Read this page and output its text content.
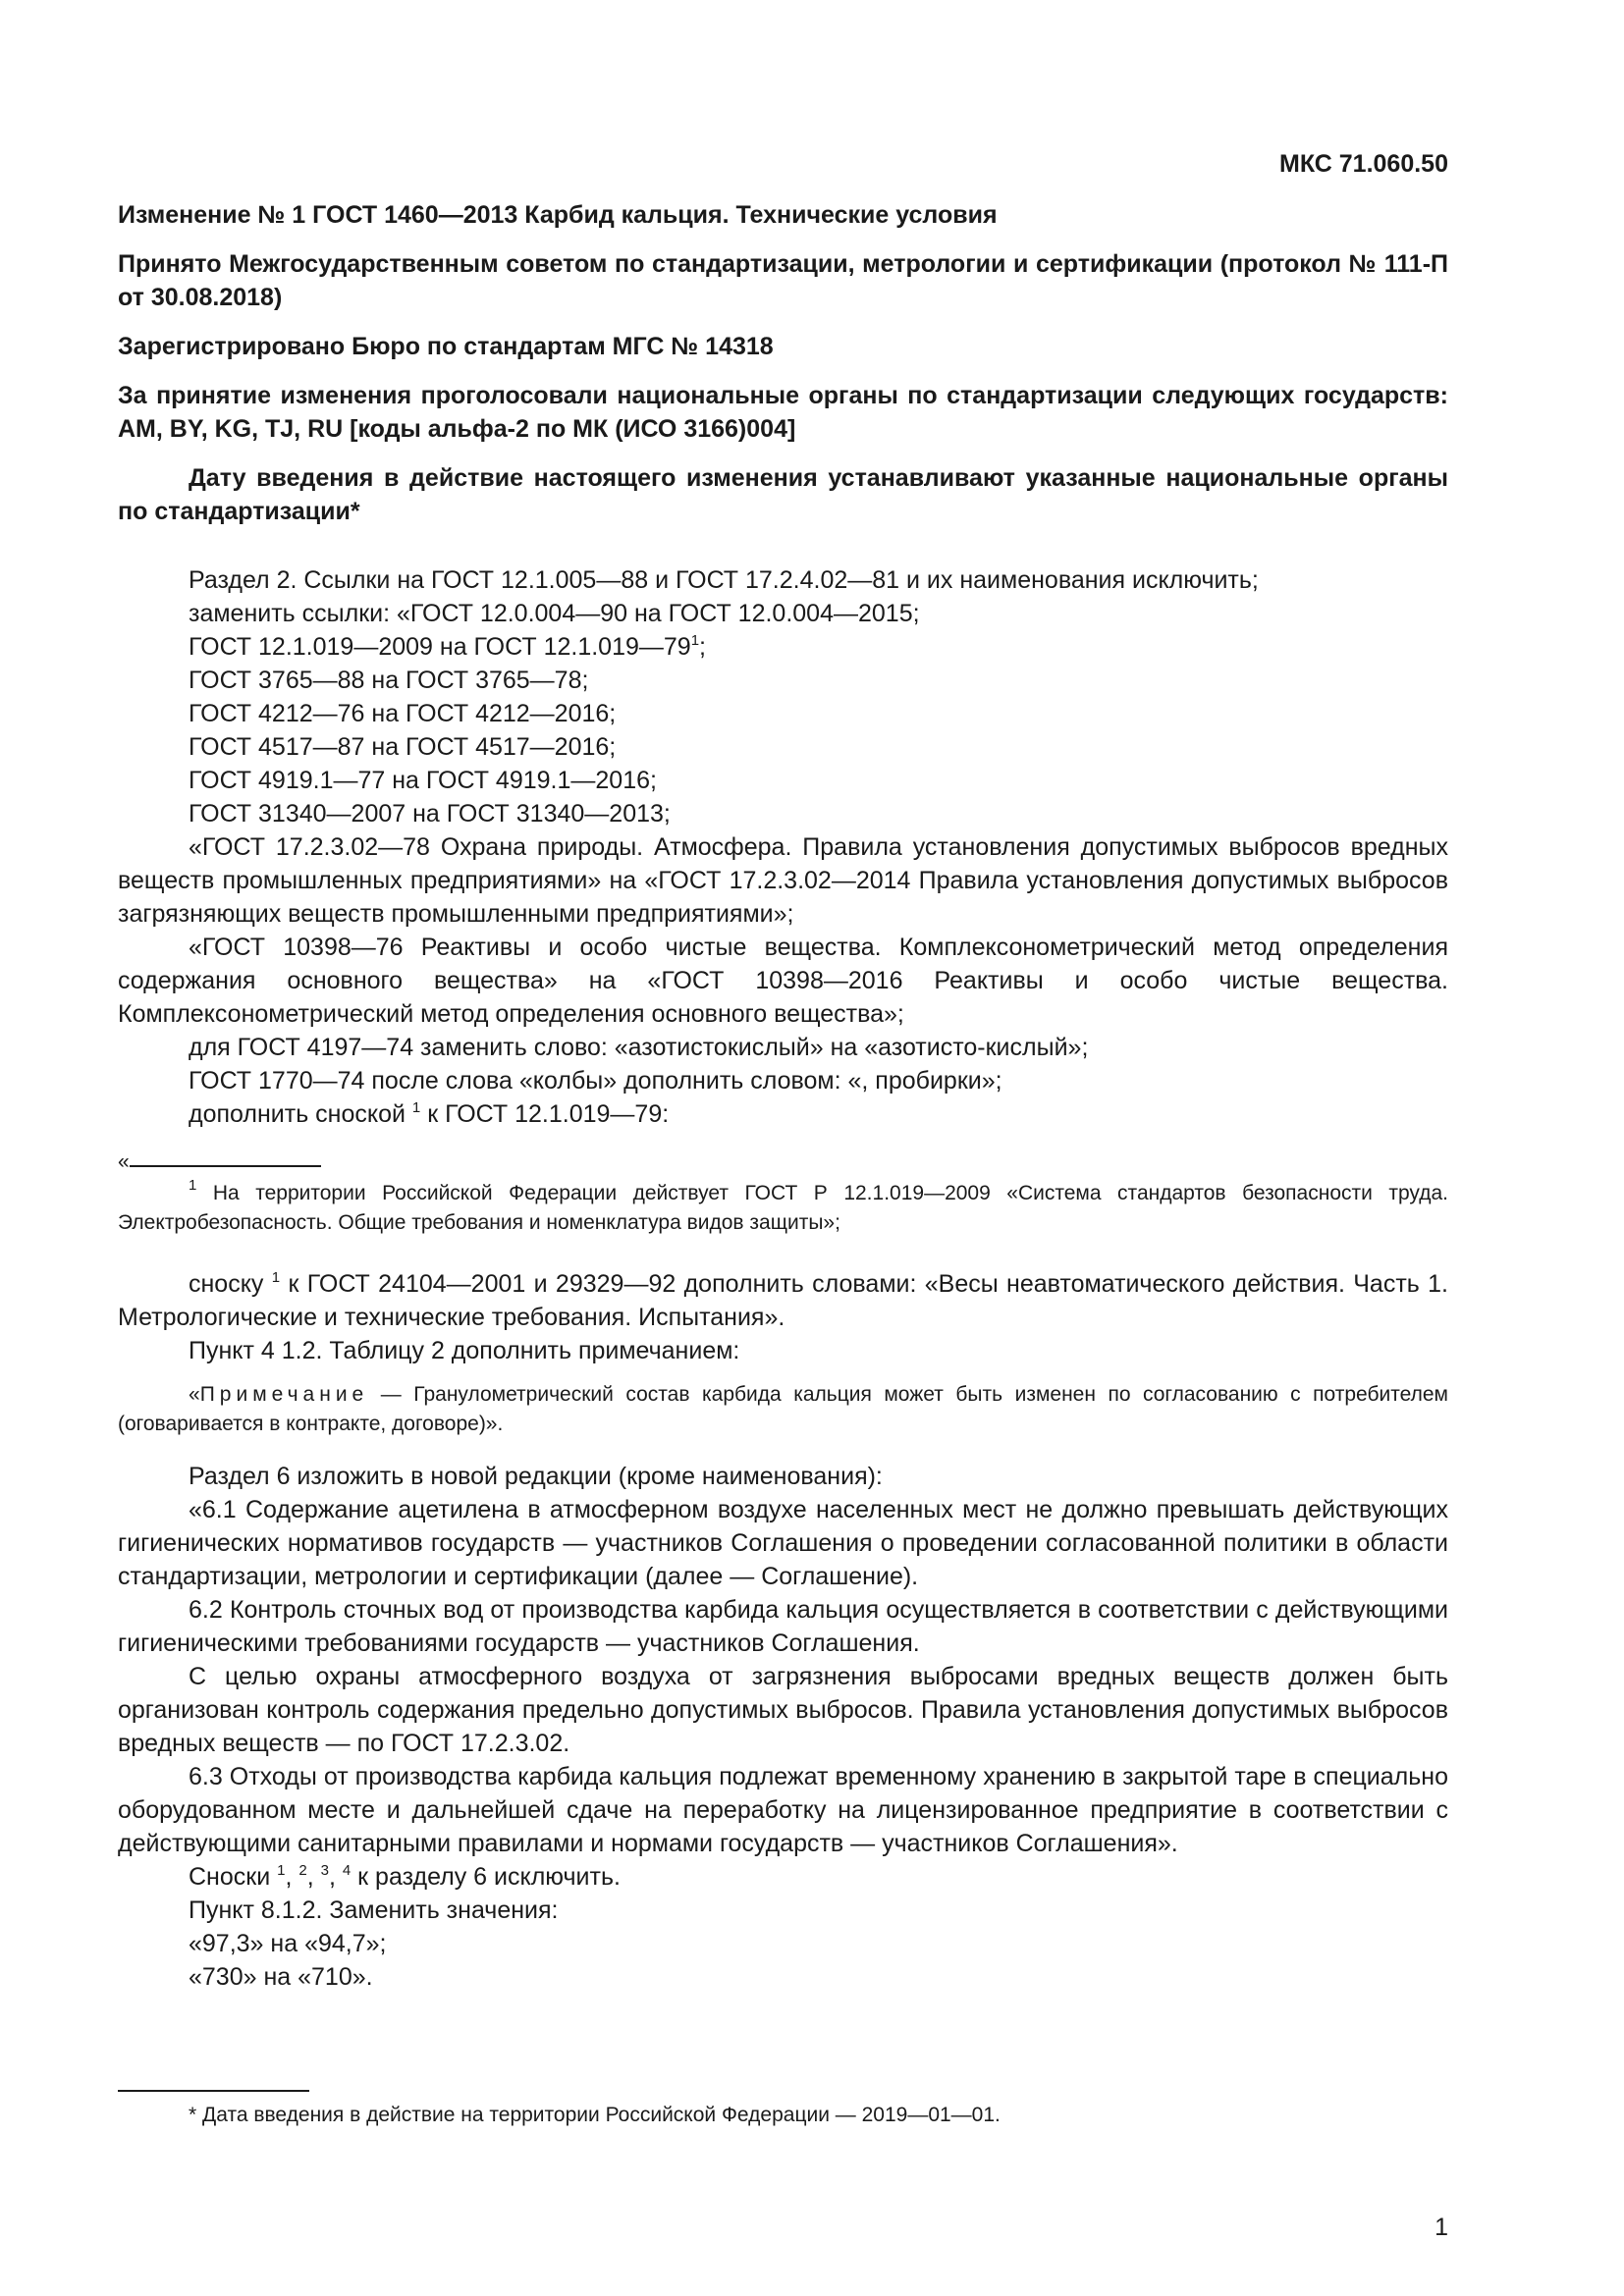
МКС 71.060.50

Изменение № 1 ГОСТ 1460—2013 Карбид кальция. Технические условия

Принято Межгосударственным советом по стандартизации, метрологии и сертификации (протокол № 111-П от 30.08.2018)

Зарегистрировано Бюро по стандартам МГС № 14318

За принятие изменения проголосовали национальные органы по стандартизации следующих государств: AM, BY, KG, TJ, RU [коды альфа-2 по МК (ИСО 3166)004]

Дату введения в действие настоящего изменения устанавливают указанные национальные органы по стандартизации*

Раздел 2. Ссылки на ГОСТ 12.1.005—88 и ГОСТ 17.2.4.02—81 и их наименования исключить;

заменить ссылки: «ГОСТ 12.0.004—90 на ГОСТ 12.0.004—2015;

ГОСТ 12.1.019—2009 на ГОСТ $12.1.019—79^1$;

ГОСТ 3765—88 на ГОСТ 3765—78;

ГОСТ 4212—76 на ГОСТ 4212—2016;

ГОСТ 4517—87 на ГОСТ 4517—2016;

ГОСТ 4919.1—77 на ГОСТ 4919.1—2016;

ГОСТ 31340—2007 на ГОСТ 31340—2013;

«ГОСТ 17.2.3.02—78 Охрана природы. Атмосфера. Правила установления допустимых выбросов вредных веществ промышленных предприятиями» на «ГОСТ 17.2.3.02—2014 Правила установления допустимых выбросов загрязняющих веществ промышленными предприятиями»;

«ГОСТ 10398—76 Реактивы и особо чистые вещества. Комплексонометрический метод определения содержания основного вещества» на «ГОСТ 10398—2016 Реактивы и особо чистые вещества. Комплексонометрический метод определения основного вещества»;

для ГОСТ 4197—74 заменить слово: «азотистокислый» на «азотисто-кислый»;

ГОСТ 1770—74 после слова «колбы» дополнить словом: «, пробирки»;

дополнить сноской $^1$ к ГОСТ 12.1.019—79:

«

$^1$ На территории Российской Федерации действует ГОСТ Р 12.1.019—2009 «Система стандартов безопасности труда. Электробезопасность. Общие требования и номенклатура видов защиты»;

сноску $^1$ к ГОСТ 24104—2001 и 29329—92 дополнить словами: «Весы неавтоматического действия. Часть 1. Метрологические и технические требования. Испытания».

Пункт 4 1.2. Таблицу 2 дополнить примечанием:

«Примечание — Гранулометрический состав карбида кальция может быть изменен по согласованию с потребителем (оговаривается в контракте, договоре)».

Раздел 6 изложить в новой редакции (кроме наименования):

«6.1 Содержание ацетилена в атмосферном воздухе населенных мест не должно превышать действующих гигиенических нормативов государств — участников Соглашения о проведении согласованной политики в области стандартизации, метрологии и сертификации (далее — Соглашение).

6.2 Контроль сточных вод от производства карбида кальция осуществляется в соответствии с действующими гигиеническими требованиями государств — участников Соглашения.

С целью охраны атмосферного воздуха от загрязнения выбросами вредных веществ должен быть организован контроль содержания предельно допустимых выбросов. Правила установления допустимых выбросов вредных веществ — по ГОСТ 17.2.3.02.

6.3 Отходы от производства карбида кальция подлежат временному хранению в закрытой таре в специально оборудованном месте и дальнейшей сдаче на переработку на лицензированное предприятие в соответствии с действующими санитарными правилами и нормами государств — участников Соглашения».

Сноски $^1$, $^2$, $^3$, $^4$ к разделу 6 исключить.

Пункт 8.1.2. Заменить значения:

«97,3» на «94,7»;

«730» на «710».

* Дата введения в действие на территории Российской Федерации — 2019—01—01.
1
